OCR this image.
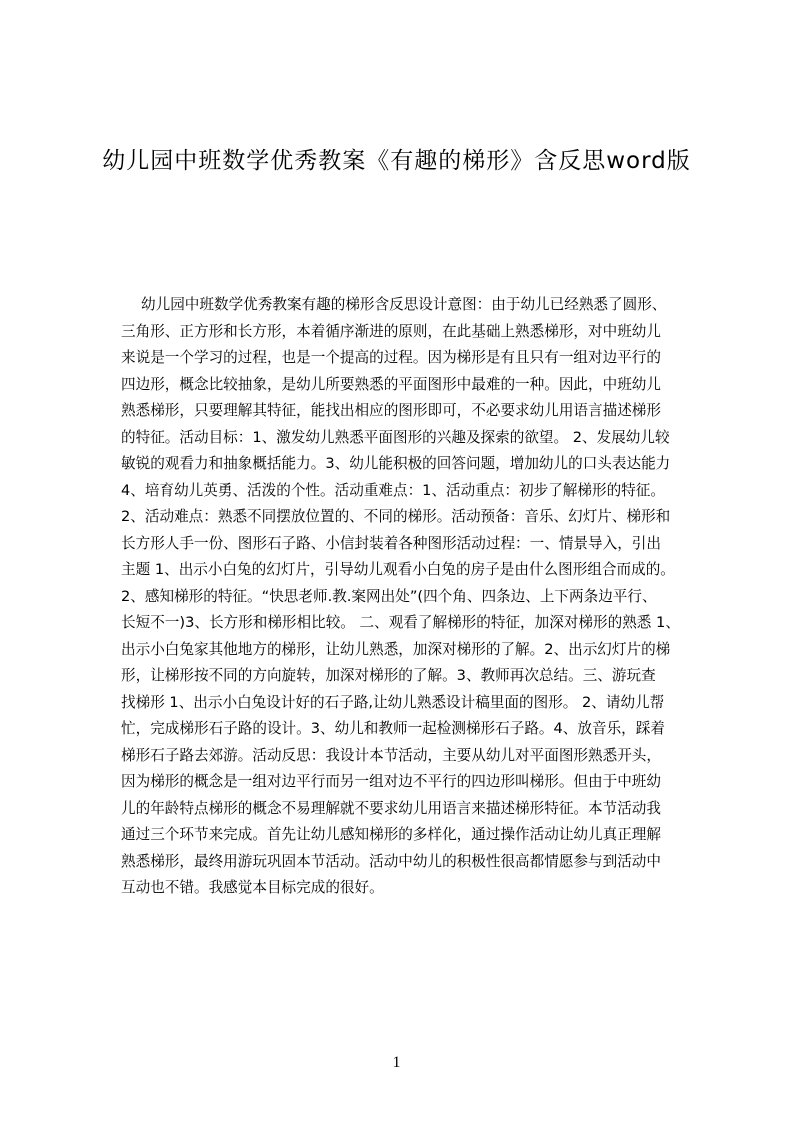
幼儿园中班数学优秀教案《有趣的梯形》含反思word版
幼儿园中班数学优秀教案有趣的梯形含反思设计意图：由于幼儿已经熟悉了圆形、
三角形、正方形和长方形，本着循序渐进的原则，在此基础上熟悉梯形，对中班幼儿
来说是一个学习的过程，也是一个提高的过程。因为梯形是有且只有一组对边平行的
四边形，概念比较抽象，是幼儿所要熟悉的平面图形中最难的一种。因此，中班幼儿
熟悉梯形，只要理解其特征，能找出相应的图形即可，不必要求幼儿用语言描述梯形
的特征。活动目标：1、激发幼儿熟悉平面图形的兴趣及探索的欲望。 2、发展幼儿较
敏锐的观看力和抽象概括能力。3、幼儿能积极的回答问题，增加幼儿的口头表达能力
4、培育幼儿英勇、活泼的个性。活动重难点：1、活动重点：初步了解梯形的特征。
2、活动难点：熟悉不同摆放位置的、不同的梯形。活动预备：音乐、幻灯片、梯形和
长方形人手一份、图形石子路、小信封装着各种图形活动过程：一、情景导入，引出
主题 1、出示小白兔的幻灯片，引导幼儿观看小白兔的房子是由什么图形组合而成的。
2、感知梯形的特征。“快思老师.教.案网出处”(四个角、四条边、上下两条边平行、
长短不一)3、长方形和梯形相比较。 二、观看了解梯形的特征，加深对梯形的熟悉 1、
出示小白兔家其他地方的梯形，让幼儿熟悉，加深对梯形的了解。2、出示幻灯片的梯
形，让梯形按不同的方向旋转，加深对梯形的了解。3、教师再次总结。三、游玩查
找梯形 1、出示小白兔设计好的石子路,让幼儿熟悉设计稿里面的图形。 2、请幼儿帮
忙，完成梯形石子路的设计。3、幼儿和教师一起检测梯形石子路。4、放音乐，踩着
梯形石子路去郊游。活动反思：我设计本节活动，主要从幼儿对平面图形熟悉开头，
因为梯形的概念是一组对边平行而另一组对边不平行的四边形叫梯形。但由于中班幼
儿的年龄特点梯形的概念不易理解就不要求幼儿用语言来描述梯形特征。本节活动我
通过三个环节来完成。首先让幼儿感知梯形的多样化，通过操作活动让幼儿真正理解
熟悉梯形，最终用游玩巩固本节活动。活动中幼儿的积极性很高都情愿参与到活动中
互动也不错。我感觉本目标完成的很好。
1
